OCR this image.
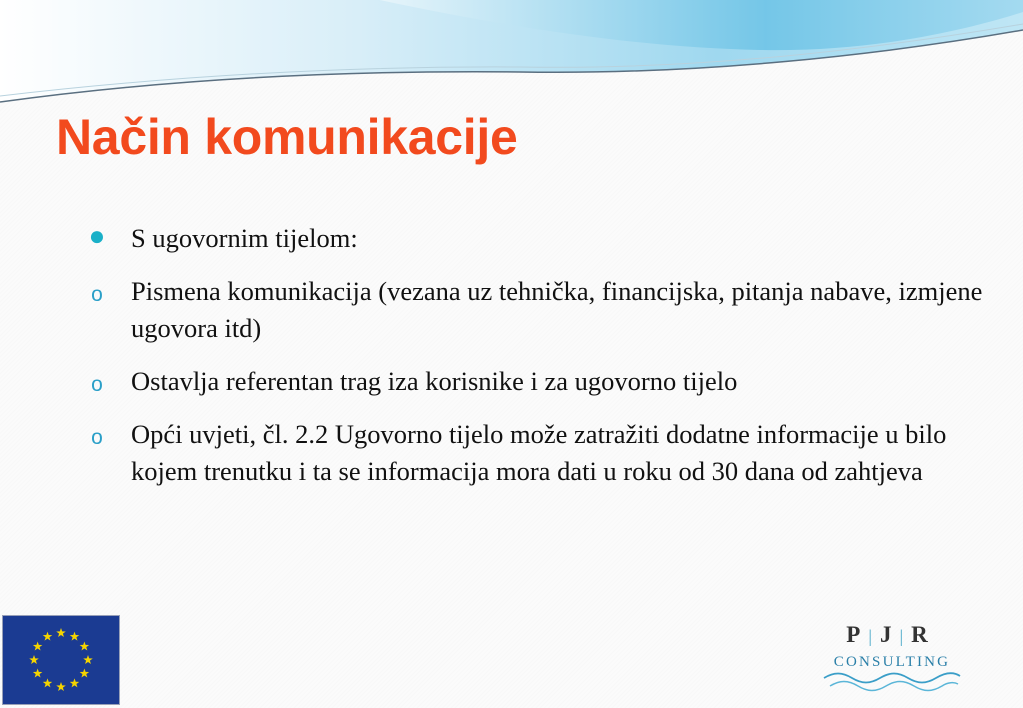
Način komunikacije
● S ugovornim tijelom:
o Pismena komunikacija (vezana uz tehnička, financijska, pitanja nabave, izmjene ugovora itd)
o Ostavlja referentan trag iza korisnike i za ugovorno tijelo
o Opći uvjeti, čl. 2.2 Ugovorno tijelo može zatražiti dodatne informacije u bilo kojem trenutku i ta se informacija mora dati u roku od 30 dana od zahtjeva
P | J | R
CONSULTING
